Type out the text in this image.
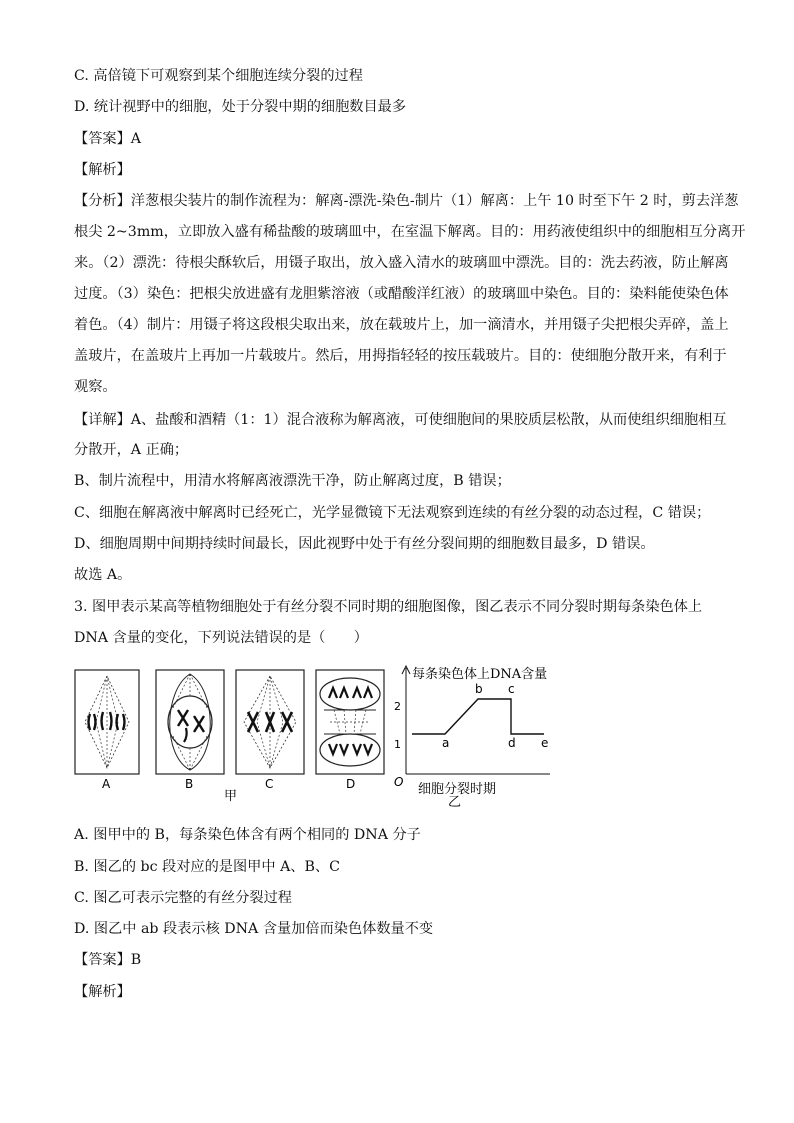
C. 高倍镜下可观察到某个细胞连续分裂的过程
D. 统计视野中的细胞，处于分裂中期的细胞数目最多
【答案】A
【解析】
【分析】洋葱根尖装片的制作流程为：解离-漂洗-染色-制片（1）解离：上午 10 时至下午 2 时，剪去洋葱
根尖 2~3mm，立即放入盛有稀盐酸的玻璃皿中，在室温下解离。目的：用药液使组织中的细胞相互分离开
来。（2）漂洗：待根尖酥软后，用镊子取出，放入盛入清水的玻璃皿中漂洗。目的：洗去药液，防止解离
过度。（3）染色：把根尖放进盛有龙胆紫溶液（或醋酸洋红液）的玻璃皿中染色。目的：染料能使染色体
着色。（4）制片：用镊子将这段根尖取出来，放在载玻片上，加一滴清水，并用镊子尖把根尖弄碎，盖上
盖玻片，在盖玻片上再加一片载玻片。然后，用拇指轻轻的按压载玻片。目的：使细胞分散开来，有利于
观察。
【详解】A、盐酸和酒精（1：1）混合液称为解离液，可使细胞间的果胶质层松散，从而使组织细胞相互
分散开，A 正确；
B、制片流程中，用清水将解离液漂洗干净，防止解离过度，B 错误；
C、细胞在解离液中解离时已经死亡，光学显微镜下无法观察到连续的有丝分裂的动态过程，C 错误；
D、细胞周期中间期持续时间最长，因此视野中处于有丝分裂间期的细胞数目最多，D 错误。
故选 A。
3. 图甲表示某高等植物细胞处于有丝分裂不同时期的细胞图像，图乙表示不同分裂时期每条染色体上
DNA 含量的变化，下列说法错误的是（　　）
A	B	C	D
甲
每条染色体上DNA含量
细胞分裂时期
O
1
2
a
b c
d e
乙
A. 图甲中的 B，每条染色体含有两个相同的 DNA 分子
B. 图乙的 bc 段对应的是图甲中 A、B、C
C. 图乙可表示完整的有丝分裂过程
D. 图乙中 ab 段表示核 DNA 含量加倍而染色体数量不变
【答案】B
【解析】
